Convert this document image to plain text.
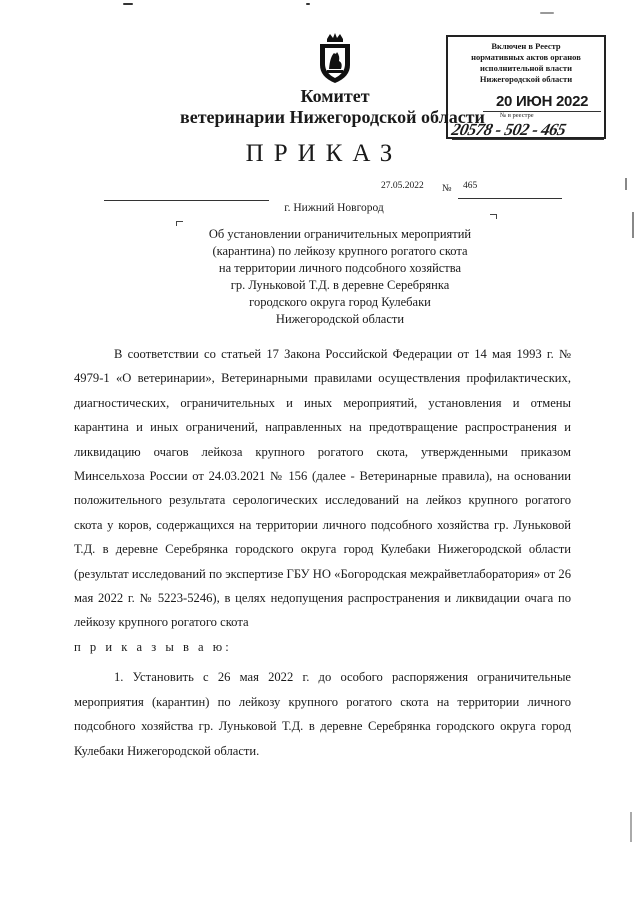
Включен в Реестр
нормативных актов органов
исполнительной власти
Нижегородской области
20 ИЮН 2022
№ в реестре
20578 - 502 - 465
Комитет
ветеринарии Нижегородской области
ПРИКАЗ
27.05.2022 № 465
г. Нижний Новгород
Об установлении ограничительных мероприятий
(карантина) по лейкозу крупного рогатого скота
на территории личного подсобного хозяйства
гр. Луньковой Т.Д. в деревне Серебрянка
городского округа город Кулебаки
Нижегородской области

В соответствии со статьей 17 Закона Российской Федерации от 14 мая 1993 г. № 4979-1 «О ветеринарии», Ветеринарными правилами осуществления профилактических, диагностических, ограничительных и иных мероприятий, установления и отмены карантина и иных ограничений, направленных на предотвращение распространения и ликвидацию очагов лейкоза крупного рогатого скота, утвержденными приказом Минсельхоза России от 24.03.2021 № 156 (далее - Ветеринарные правила), на основании положительного результата серологических исследований на лейкоз крупного рогатого скота у коров, содержащихся на территории личного подсобного хозяйства гр. Луньковой Т.Д. в деревне Серебрянка городского округа город Кулебаки Нижегородской области (результат исследований по экспертизе ГБУ НО «Богородская межрайветлаборатория» от 26 мая 2022 г. № 5223-5246), в целях недопущения распространения и ликвидации очага по лейкозу крупного рогатого скота

п р и к а з ы в а ю:

1. Установить с 26 мая 2022 г. до особого распоряжения ограничительные мероприятия (карантин) по лейкозу крупного рогатого скота на территории личного подсобного хозяйства гр. Луньковой Т.Д. в деревне Серебрянка городского округа город Кулебаки Нижегородской области.
